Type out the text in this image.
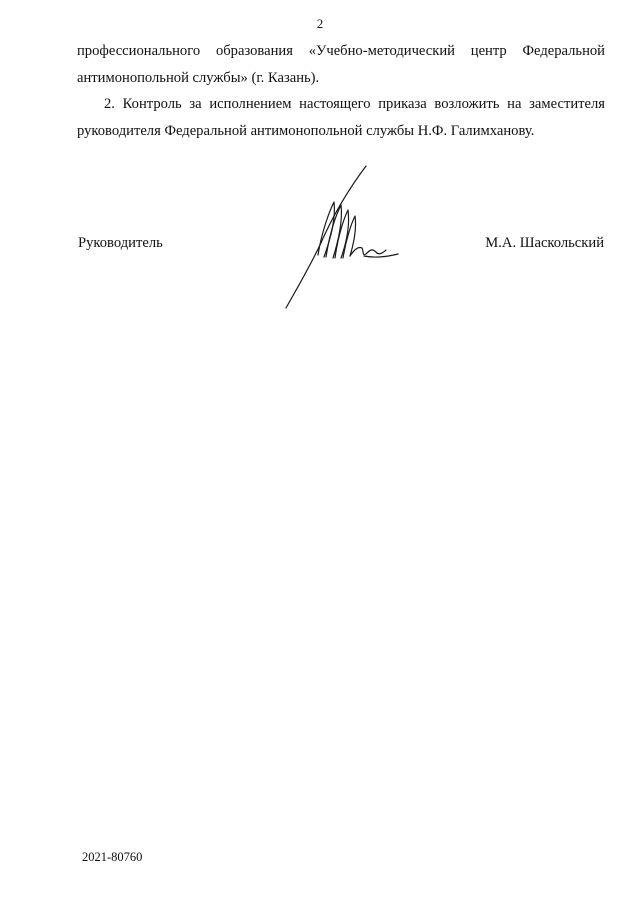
2
профессионального образования «Учебно-методический центр Федеральной
антимонопольной службы» (г. Казань).
2. Контроль за исполнением настоящего приказа возложить на заместителя
руководителя Федеральной антимонопольной службы Н.Ф. Галимханову.
Руководитель	М.А. Шаскольский
2021-80760
